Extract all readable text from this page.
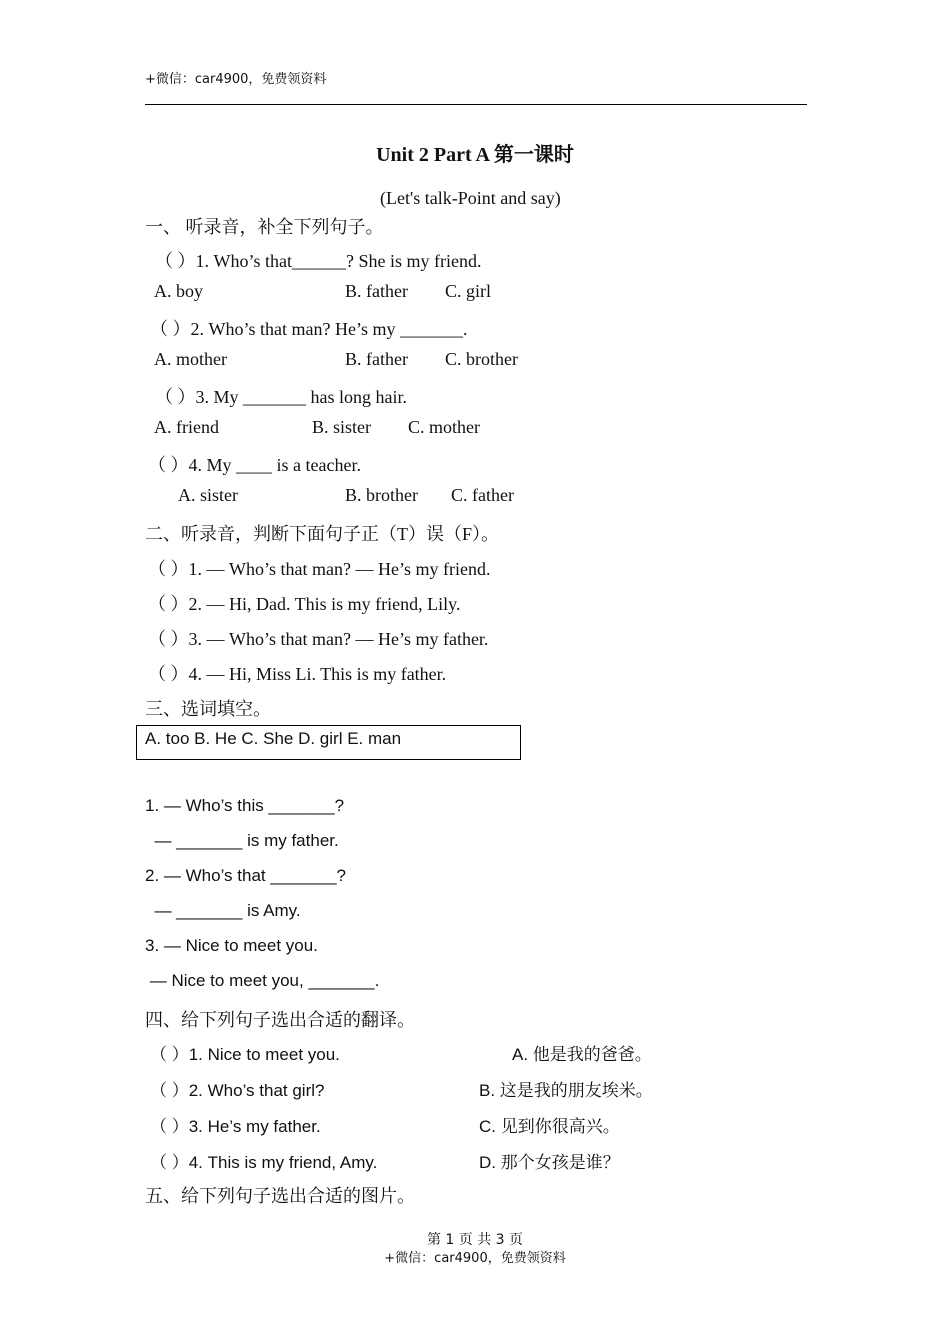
+微信：car4900，免费领资料
Unit 2 Part A 第一课时
(Let's talk-Point and say)
一、 听录音，补全下列句子。
（ ）1. Who’s that______? She is my friend.
A. boy	B. father C. girl
（ ）2. Who’s that man? He’s my _______.
A. mother	B. father C. brother
（ ）3. My _______ has long hair.
A. friend	B. sister C. mother
（ ）4. My ____ is a teacher.
A. sister	B. brother C. father
二、听录音，判断下面句子正（T）误（F）。
（ ）1. — Who’s that man? — He’s my friend.
（ ）2. — Hi, Dad. This is my friend, Lily.
（ ）3. — Who’s that man? — He’s my father.
（ ）4. — Hi, Miss Li. This is my father.
三、选词填空。
A. too B. He C. She D. girl E. man
1. — Who’s this _______?
— _______ is my father.
2. — Who’s that _______?
— _______ is Amy.
3. — Nice to meet you.
— Nice to meet you, _______.
四、给下列句子选出合适的翻译。
（ ）1. Nice to meet you.	A. 他是我的爸爸。
（ ）2. Who’s that girl?	B. 这是我的朋友埃米。
（ ）3. He’s my father.	C. 见到你很高兴。
（ ）4. This is my friend, Amy.	D. 那个女孩是谁？
五、给下列句子选出合适的图片。
第 1 页 共 3 页
+微信：car4900，免费领资料
